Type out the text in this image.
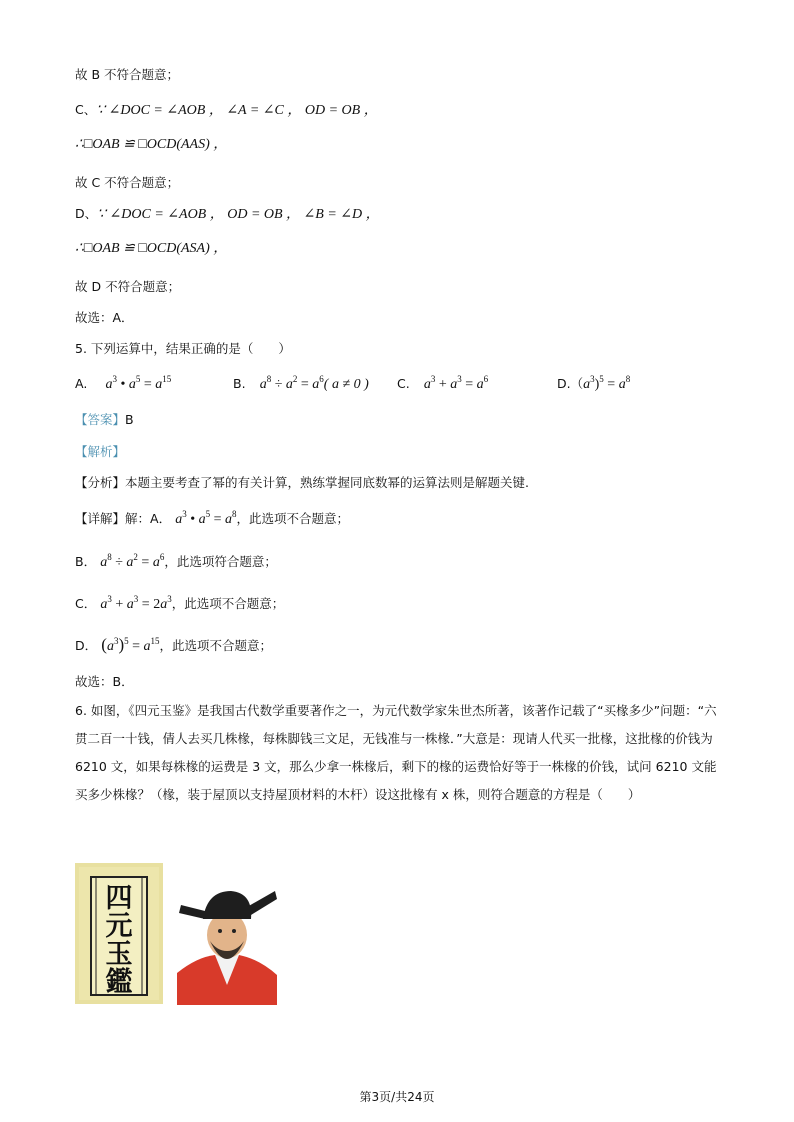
故 B 不符合题意；
C、∵ ∠DOC = ∠AOB ， ∠A = ∠C ， OD = OB ，
∴□OAB ≌ □OCD(AAS) ，
故 C 不符合题意；
D、∵ ∠DOC = ∠AOB ， OD = OB ， ∠B = ∠D ，
∴□OAB ≌ □OCD(ASA) ，
故 D 不符合题意；
故选：A．
5. 下列运算中，结果正确的是（　　）
A. $a^3$ • $a^5 = a^{15}$	B. $a^8 \div a^2 = a^6$( a ≠ 0 ) C. $a^3 + a^3 = a^6$	$D.(a^3)^5 = a^8$
【答案】B
【解析】
【分析】本题主要考查了幂的有关计算，熟练掌握同底数幂的运算法则是解题关键.
【详解】解：A． $a^3$ • $a^5 = a^8$，此选项不合题意；
B． $a^8 \div a^2 = a^6$，此选项符合题意；
C． $a^3 + a^3 = 2a^3$，此选项不合题意；
D． $(a^3)^5 = a^{15}$，此选项不合题意；
故选：B．
6. 如图，《四元玉鉴》是我国古代数学重要著作之一，为元代数学家朱世杰所著，该著作记载了“买椽多少”问题：“六贯二百一十钱，倩人去买几株椽，每株脚钱三文足，无钱准与一株椽．”大意是：现请人代买一批椽，这批椽的价钱为 6210 文，如果每株椽的运费是 3 文，那么少拿一株椽后，剩下的椽的运费恰好等于一株椽的价钱，试问 6210 文能买多少株椽？（椽，装于屋顶以支持屋顶材料的木杆）设这批椽有 x 株，则符合题意的方程是（　　）
四
元
玉
鑑
第3页/共24页
